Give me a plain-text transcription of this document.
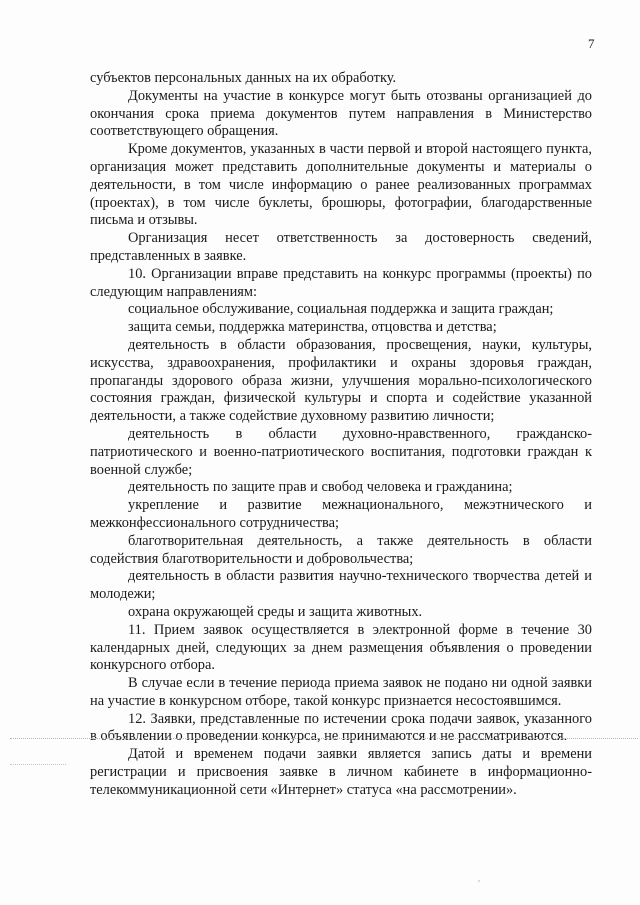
7

субъектов персональных данных на их обработку.

Документы на участие в конкурсе могут быть отозваны организацией до окончания срока приема документов путем направления в Министерство соответствующего обращения.

Кроме документов, указанных в части первой и второй настоящего пункта, организация может представить дополнительные документы и материалы о деятельности, в том числе информацию о ранее реализованных программах (проектах), в том числе буклеты, брошюры, фотографии, благодарственные письма и отзывы.

Организация несет ответственность за достоверность сведений, представленных в заявке.

10. Организации вправе представить на конкурс программы (проекты) по следующим направлениям:

социальное обслуживание, социальная поддержка и защита граждан;

защита семьи, поддержка материнства, отцовства и детства;

деятельность в области образования, просвещения, науки, культуры, искусства, здравоохранения, профилактики и охраны здоровья граждан, пропаганды здорового образа жизни, улучшения морально-психологического состояния граждан, физической культуры и спорта и содействие указанной деятельности, а также содействие духовному развитию личности;

деятельность в области духовно-нравственного, гражданско-патриотического и военно-патриотического воспитания, подготовки граждан к военной службе;

деятельность по защите прав и свобод человека и гражданина;

укрепление и развитие межнационального, межэтнического и межконфессионального сотрудничества;

благотворительная деятельность, а также деятельность в области содействия благотворительности и добровольчества;

деятельность в области развития научно-технического творчества детей и молодежи;

охрана окружающей среды и защита животных.

11. Прием заявок осуществляется в электронной форме в течение 30 календарных дней, следующих за днем размещения объявления о проведении конкурсного отбора.

В случае если в течение периода приема заявок не подано ни одной заявки на участие в конкурсном отборе, такой конкурс признается несостоявшимся.

12. Заявки, представленные по истечении срока подачи заявок, указанного в объявлении о проведении конкурса, не принимаются и не рассматриваются.

Датой и временем подачи заявки является запись даты и времени регистрации и присвоения заявке в личном кабинете в информационно-телекоммуникационной сети «Интернет» статуса «на рассмотрении».
